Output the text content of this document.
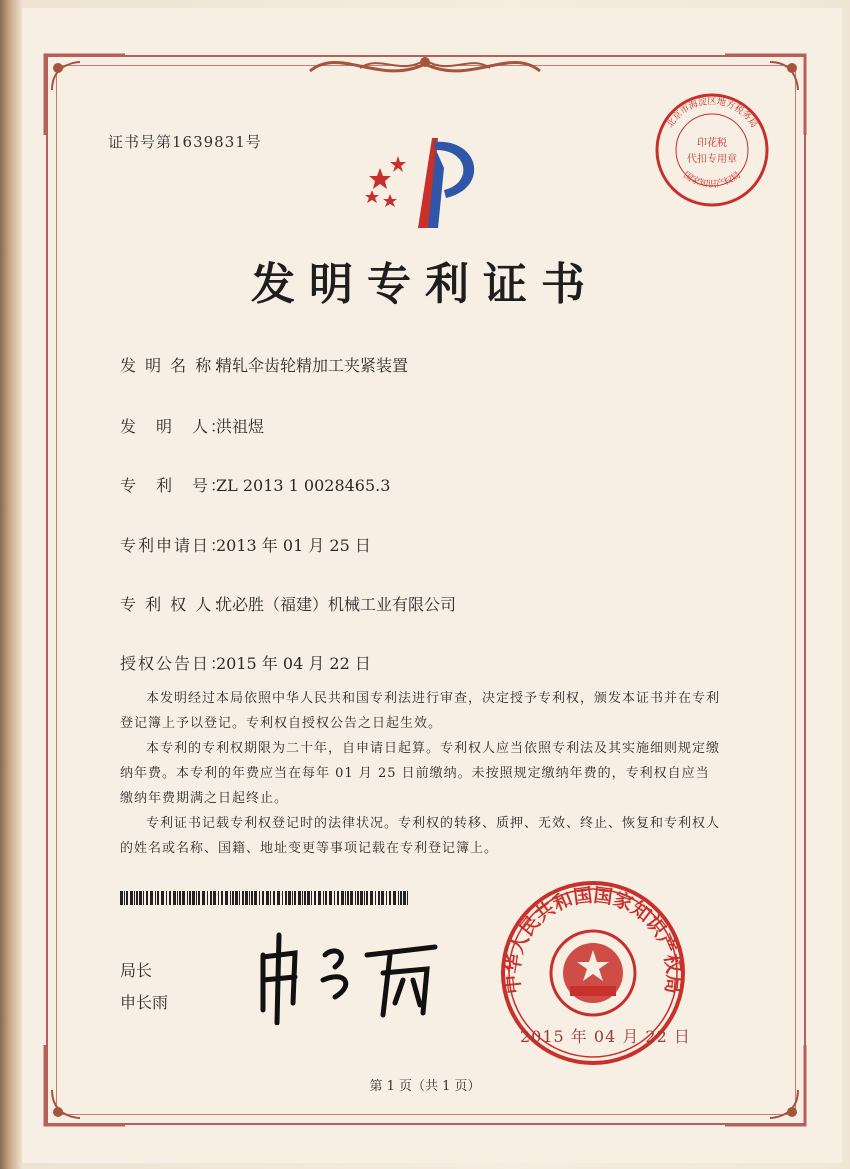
证书号第1639831号	印花税
代扣专用章
北京市海淀区地方税务局
国家知识产权局
发明专利证书
发 明 名 称：精轧伞齿轮精加工夹紧装置
发　明　人：洪祖煜
专　利　号：ZL 2013 1 0028465.3
专利申请日：2013 年 01 月 25 日
专 利 权 人：优必胜（福建）机械工业有限公司
授权公告日：2015 年 04 月 22 日
本发明经过本局依照中华人民共和国专利法进行审查，决定授予专利权，颁发本证书并在专利登记簿上予以登记。专利权自授权公告之日起生效。
本专利的专利权期限为二十年，自申请日起算。专利权人应当依照专利法及其实施细则规定缴纳年费。本专利的年费应当在每年 01 月 25 日前缴纳。未按照规定缴纳年费的，专利权自应当缴纳年费期满之日起终止。
专利证书记载专利权登记时的法律状况。专利权的转移、质押、无效、终止、恢复和专利权人的姓名或名称、国籍、地址变更等事项记载在专利登记簿上。
局长
申长雨
中华人民共和国国家知识产权局
2015 年 04 月 22 日
第 1 页（共 1 页）
